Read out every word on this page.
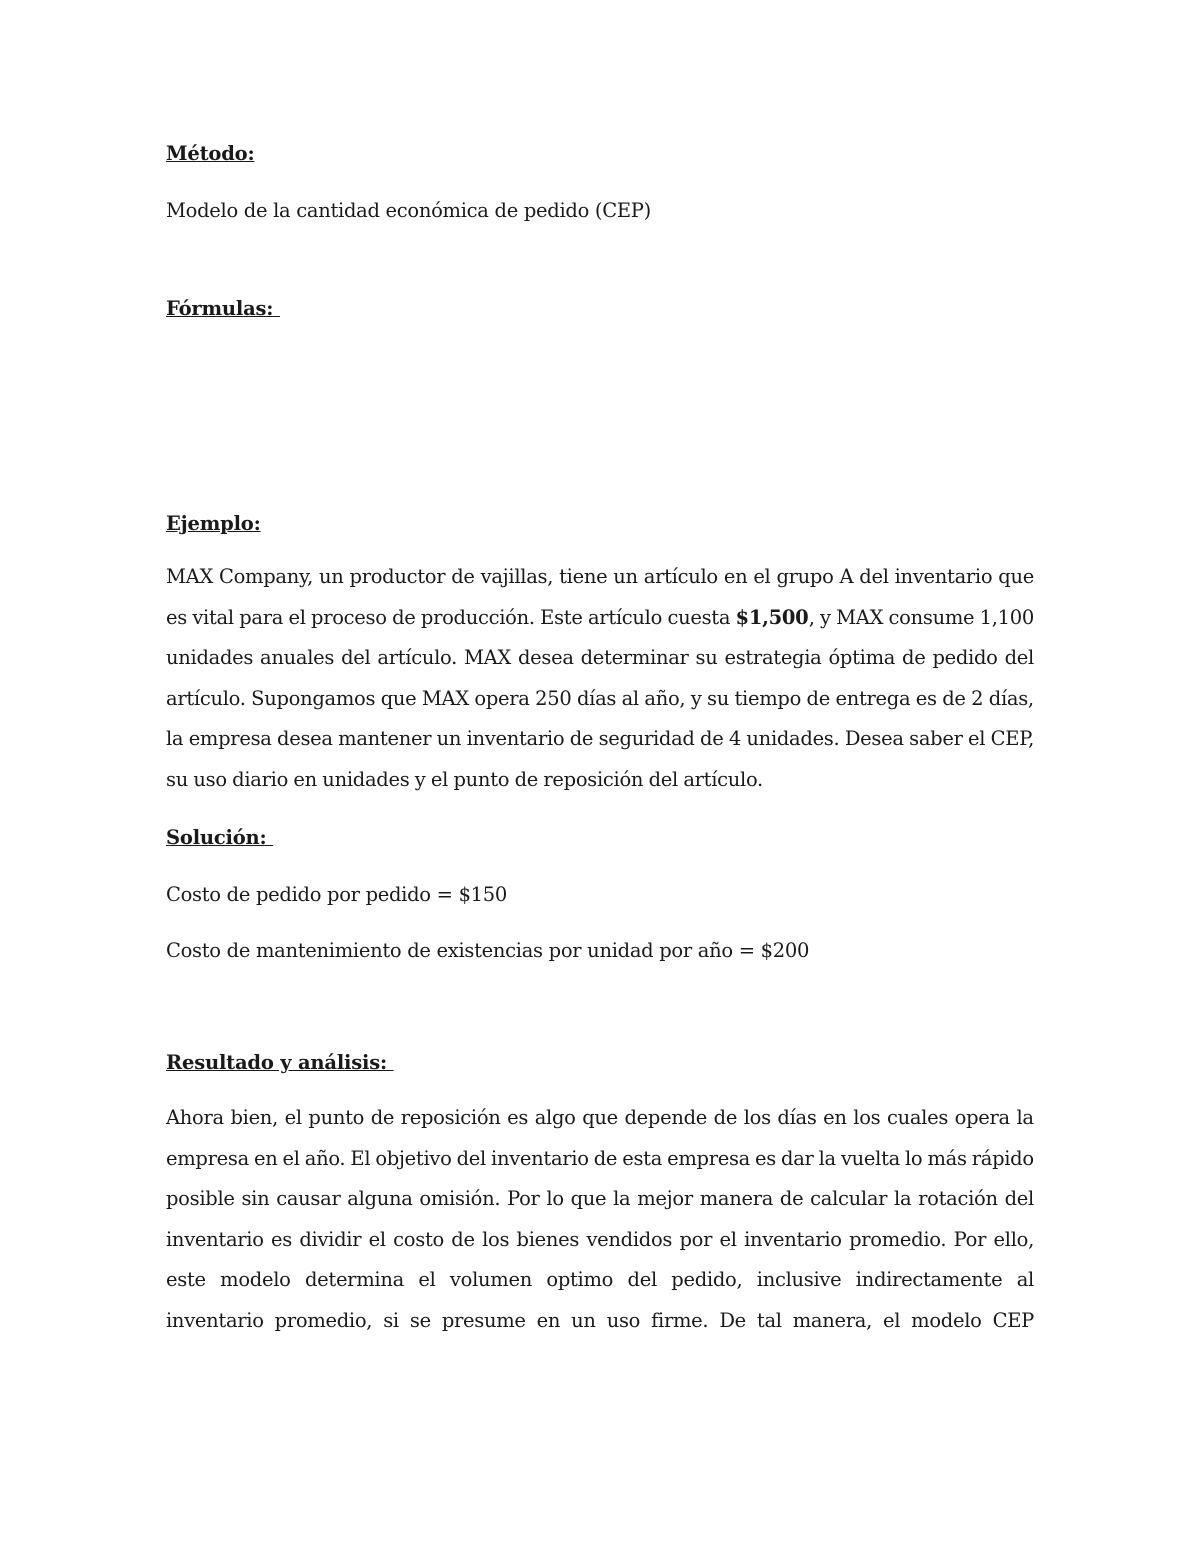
Método:
Modelo de la cantidad económica de pedido (CEP)
Fórmulas:
Ejemplo:
MAX Company, un productor de vajillas, tiene un artículo en el grupo A del inventario que
es vital para el proceso de producción. Este artículo cuesta $1,500 , y MAX consume 1,100
unidades anuales del artículo. MAX desea determinar su estrategia óptima de pedido del
artículo. Supongamos que MAX opera 250 días al año, y su tiempo de entrega es de 2 días,
la empresa desea mantener un inventario de seguridad de 4 unidades. Desea saber el CEP,
su uso diario en unidades y el punto de reposición del artículo.
Solución:
Costo de pedido por pedido = $150
Costo de mantenimiento de existencias por unidad por año = $200
Resultado y análisis:
Ahora bien, el punto de reposición es algo que depende de los días en los cuales opera la
empresa en el año. El objetivo del inventario de esta empresa es dar la vuelta lo más rápido
posible sin causar alguna omisión. Por lo que la mejor manera de calcular la rotación del
inventario es dividir el costo de los bienes vendidos por el inventario promedio. Por ello,
este modelo determina el volumen optimo del pedido, inclusive indirectamente al
inventario promedio, si se presume en un uso firme. De tal manera, el modelo CEP
